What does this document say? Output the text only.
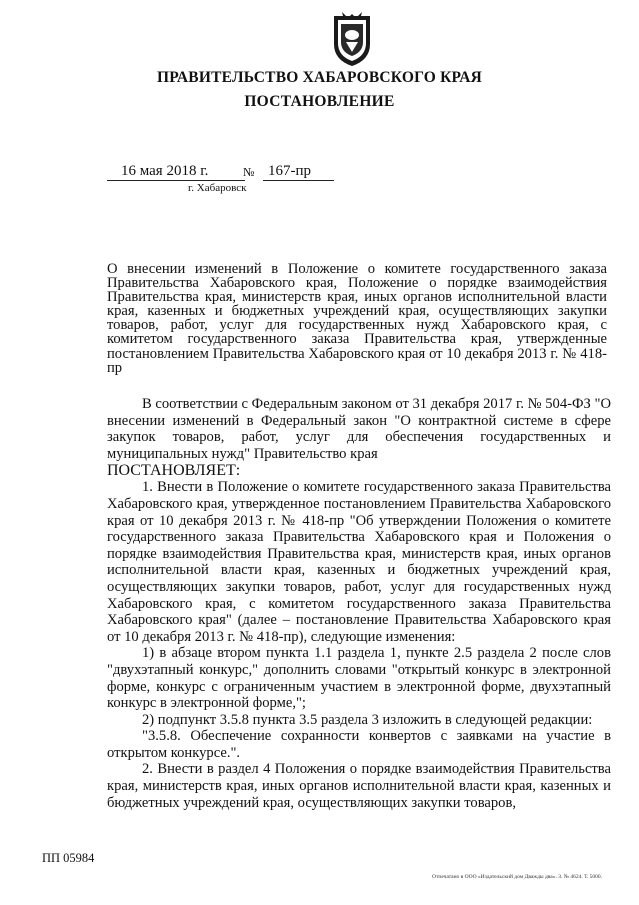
ПРАВИТЕЛЬСТВО ХАБАРОВСКОГО КРАЯ
ПОСТАНОВЛЕНИЕ
16 мая 2018 г.	№ 167-пр
г. Хабаровск

О внесении изменений в Положение о комитете государственного заказа Правительства Хабаровского края, Положение о порядке взаимодействия Правительства края, министерств края, иных органов исполнительной власти края, казенных и бюджетных учреждений края, осуществляющих закупки товаров, работ, услуг для государственных нужд Хабаровского края, с комитетом государственного заказа Правительства края, утвержденные постановлением Правительства Хабаровского края от 10 декабря 2013 г. № 418-пр

В соответствии с Федеральным законом от 31 декабря 2017 г. № 504-ФЗ "О внесении изменений в Федеральный закон "О контрактной системе в сфере закупок товаров, работ, услуг для обеспечения государственных и муниципальных нужд" Правительство края

ПОСТАНОВЛЯЕТ:

1. Внести в Положение о комитете государственного заказа Правительства Хабаровского края, утвержденное постановлением Правительства Хабаровского края от 10 декабря 2013 г. № 418-пр "Об утверждении Положения о комитете государственного заказа Правительства Хабаровского края и Положения о порядке взаимодействия Правительства края, министерств края, иных органов исполнительной власти края, казенных и бюджетных учреждений края, осуществляющих закупки товаров, работ, услуг для государственных нужд Хабаровского края, с комитетом государственного заказа Правительства Хабаровского края" (далее – постановление Правительства Хабаровского края от 10 декабря 2013 г. № 418-пр), следующие изменения:

1) в абзаце втором пункта 1.1 раздела 1, пункте 2.5 раздела 2 после слов "двухэтапный конкурс," дополнить словами "открытый конкурс в электронной форме, конкурс с ограниченным участием в электронной форме, двухэтапный конкурс в электронной форме,";

2) подпункт 3.5.8 пункта 3.5 раздела 3 изложить в следующей редакции:

"3.5.8. Обеспечение сохранности конвертов с заявками на участие в открытом конкурсе.".

2. Внести в раздел 4 Положения о порядке взаимодействия Правительства края, министерств края, иных органов исполнительной власти края, казенных и бюджетных учреждений края, осуществляющих закупки товаров,

ПП 05984
Отпечатано в ООО «Издательский дом Дважды два». З. № 4624. Т. 5000.
